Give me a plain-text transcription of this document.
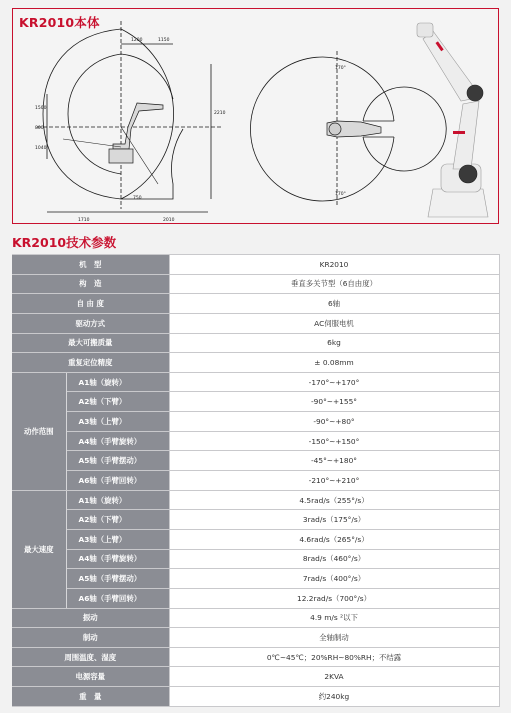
KR2010本体
1200	1150
1500
800
1040
750
2210
2010
1710
170°
170°
KR2010技术参数
机　型		KR2010
构　造		垂直多关节型（6自由度）
自 由 度		6轴
驱动方式		AC伺服电机
最大可搬质量		6kg
重复定位精度		± 0.08mm
动作范围	A1轴（旋转）	-170°~+170°
	A2轴（下臂）	-90°~+155°
	A3轴（上臂）	-90°~+80°
	A4轴（手臂旋转）	-150°~+150°
	A5轴（手臂摆动）	-45°~+180°
	A6轴（手臂回转）	-210°~+210°
最大速度	A1轴（旋转）	4.5rad/s（255°/s）
	A2轴（下臂）	3rad/s（175°/s）
	A3轴（上臂）	4.6rad/s（265°/s）
	A4轴（手臂旋转）	8rad/s（460°/s）
	A5轴（手臂摆动）	7rad/s（400°/s）
	A6轴（手臂回转）	12.2rad/s（700°/s）
振动		4.9 m/s ²以下
制动		全轴制动
周围温度、湿度		0℃~45℃；20%RH~80%RH；不结露
电源容量		2KVA
重　量		约240kg
